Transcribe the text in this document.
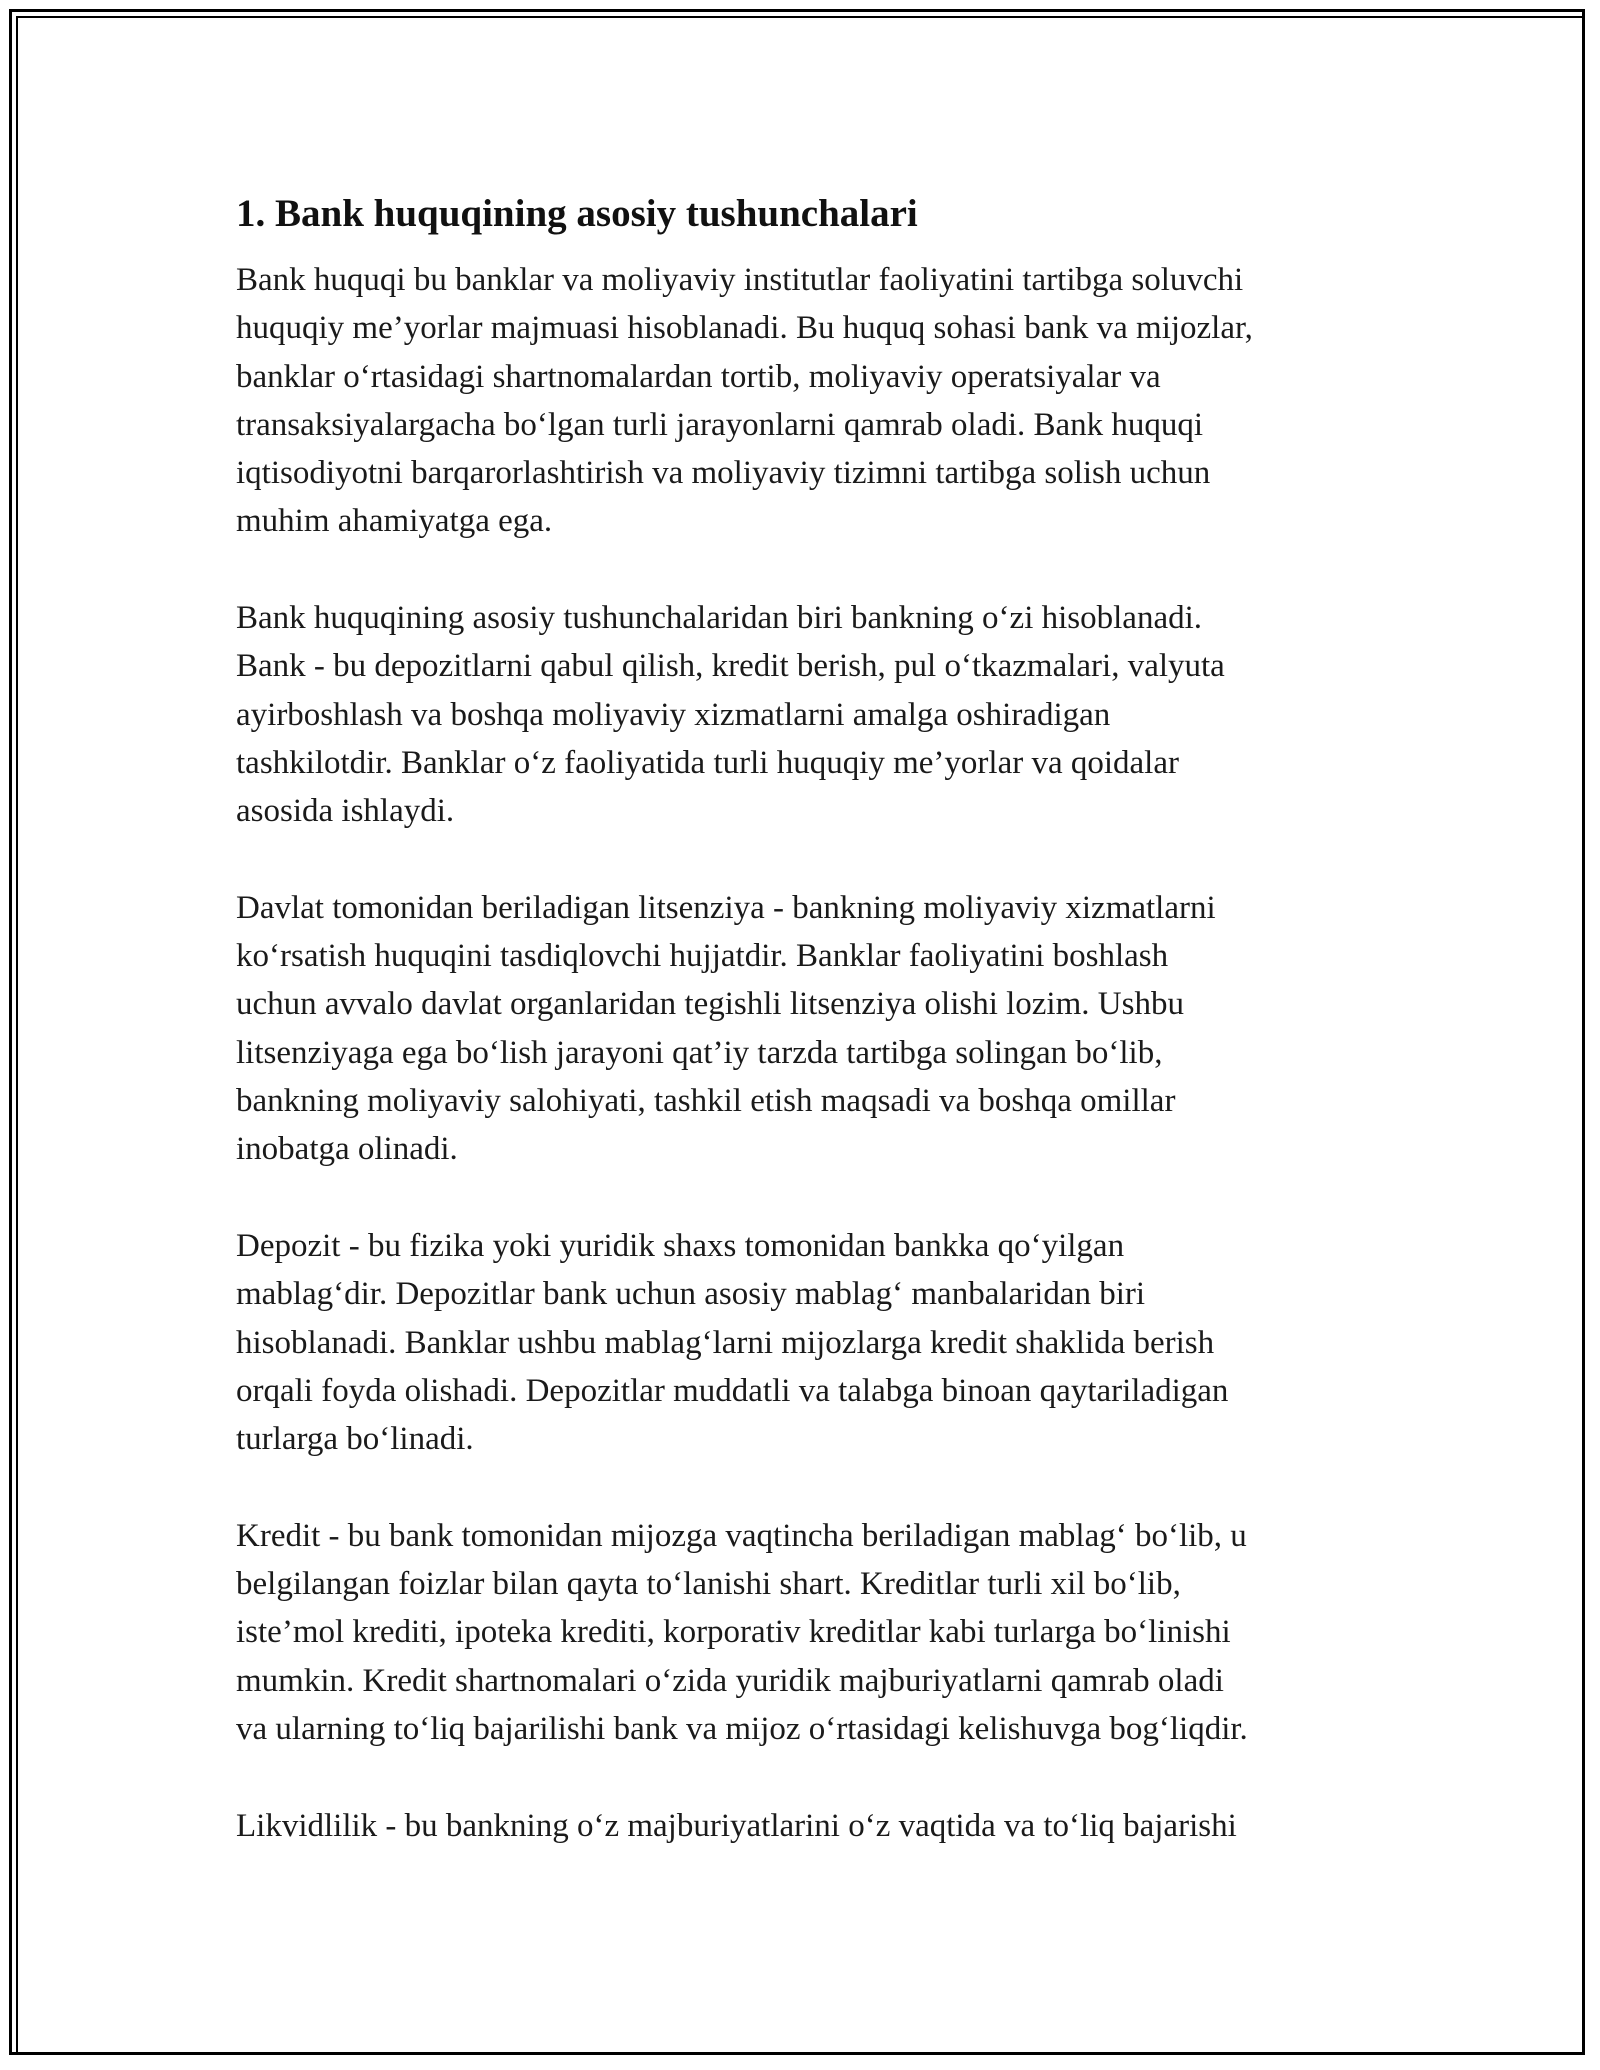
1. Bank huquqining asosiy tushunchalari

Bank huquqi bu banklar va moliyaviy institutlar faoliyatini tartibga soluvchi
huquqiy me’yorlar majmuasi hisoblanadi. Bu huquq sohasi bank va mijozlar,
banklar o‘rtasidagi shartnomalardan tortib, moliyaviy operatsiyalar va
transaksiyalargacha bo‘lgan turli jarayonlarni qamrab oladi. Bank huquqi
iqtisodiyotni barqarorlashtirish va moliyaviy tizimni tartibga solish uchun
muhim ahamiyatga ega.

Bank huquqining asosiy tushunchalaridan biri bankning o‘zi hisoblanadi.
Bank - bu depozitlarni qabul qilish, kredit berish, pul o‘tkazmalari, valyuta
ayirboshlash va boshqa moliyaviy xizmatlarni amalga oshiradigan
tashkilotdir. Banklar o‘z faoliyatida turli huquqiy me’yorlar va qoidalar
asosida ishlaydi.

Davlat tomonidan beriladigan litsenziya - bankning moliyaviy xizmatlarni
ko‘rsatish huquqini tasdiqlovchi hujjatdir. Banklar faoliyatini boshlash
uchun avvalo davlat organlaridan tegishli litsenziya olishi lozim. Ushbu
litsenziyaga ega bo‘lish jarayoni qat’iy tarzda tartibga solingan bo‘lib,
bankning moliyaviy salohiyati, tashkil etish maqsadi va boshqa omillar
inobatga olinadi.

Depozit - bu fizika yoki yuridik shaxs tomonidan bankka qo‘yilgan
mablag‘dir. Depozitlar bank uchun asosiy mablag‘ manbalaridan biri
hisoblanadi. Banklar ushbu mablag‘larni mijozlarga kredit shaklida berish
orqali foyda olishadi. Depozitlar muddatli va talabga binoan qaytariladigan
turlarga bo‘linadi.

Kredit - bu bank tomonidan mijozga vaqtincha beriladigan mablag‘ bo‘lib, u
belgilangan foizlar bilan qayta to‘lanishi shart. Kreditlar turli xil bo‘lib,
iste’mol krediti, ipoteka krediti, korporativ kreditlar kabi turlarga bo‘linishi
mumkin. Kredit shartnomalari o‘zida yuridik majburiyatlarni qamrab oladi
va ularning to‘liq bajarilishi bank va mijoz o‘rtasidagi kelishuvga bog‘liqdir.

Likvidlilik - bu bankning o‘z majburiyatlarini o‘z vaqtida va to‘liq bajarishi
